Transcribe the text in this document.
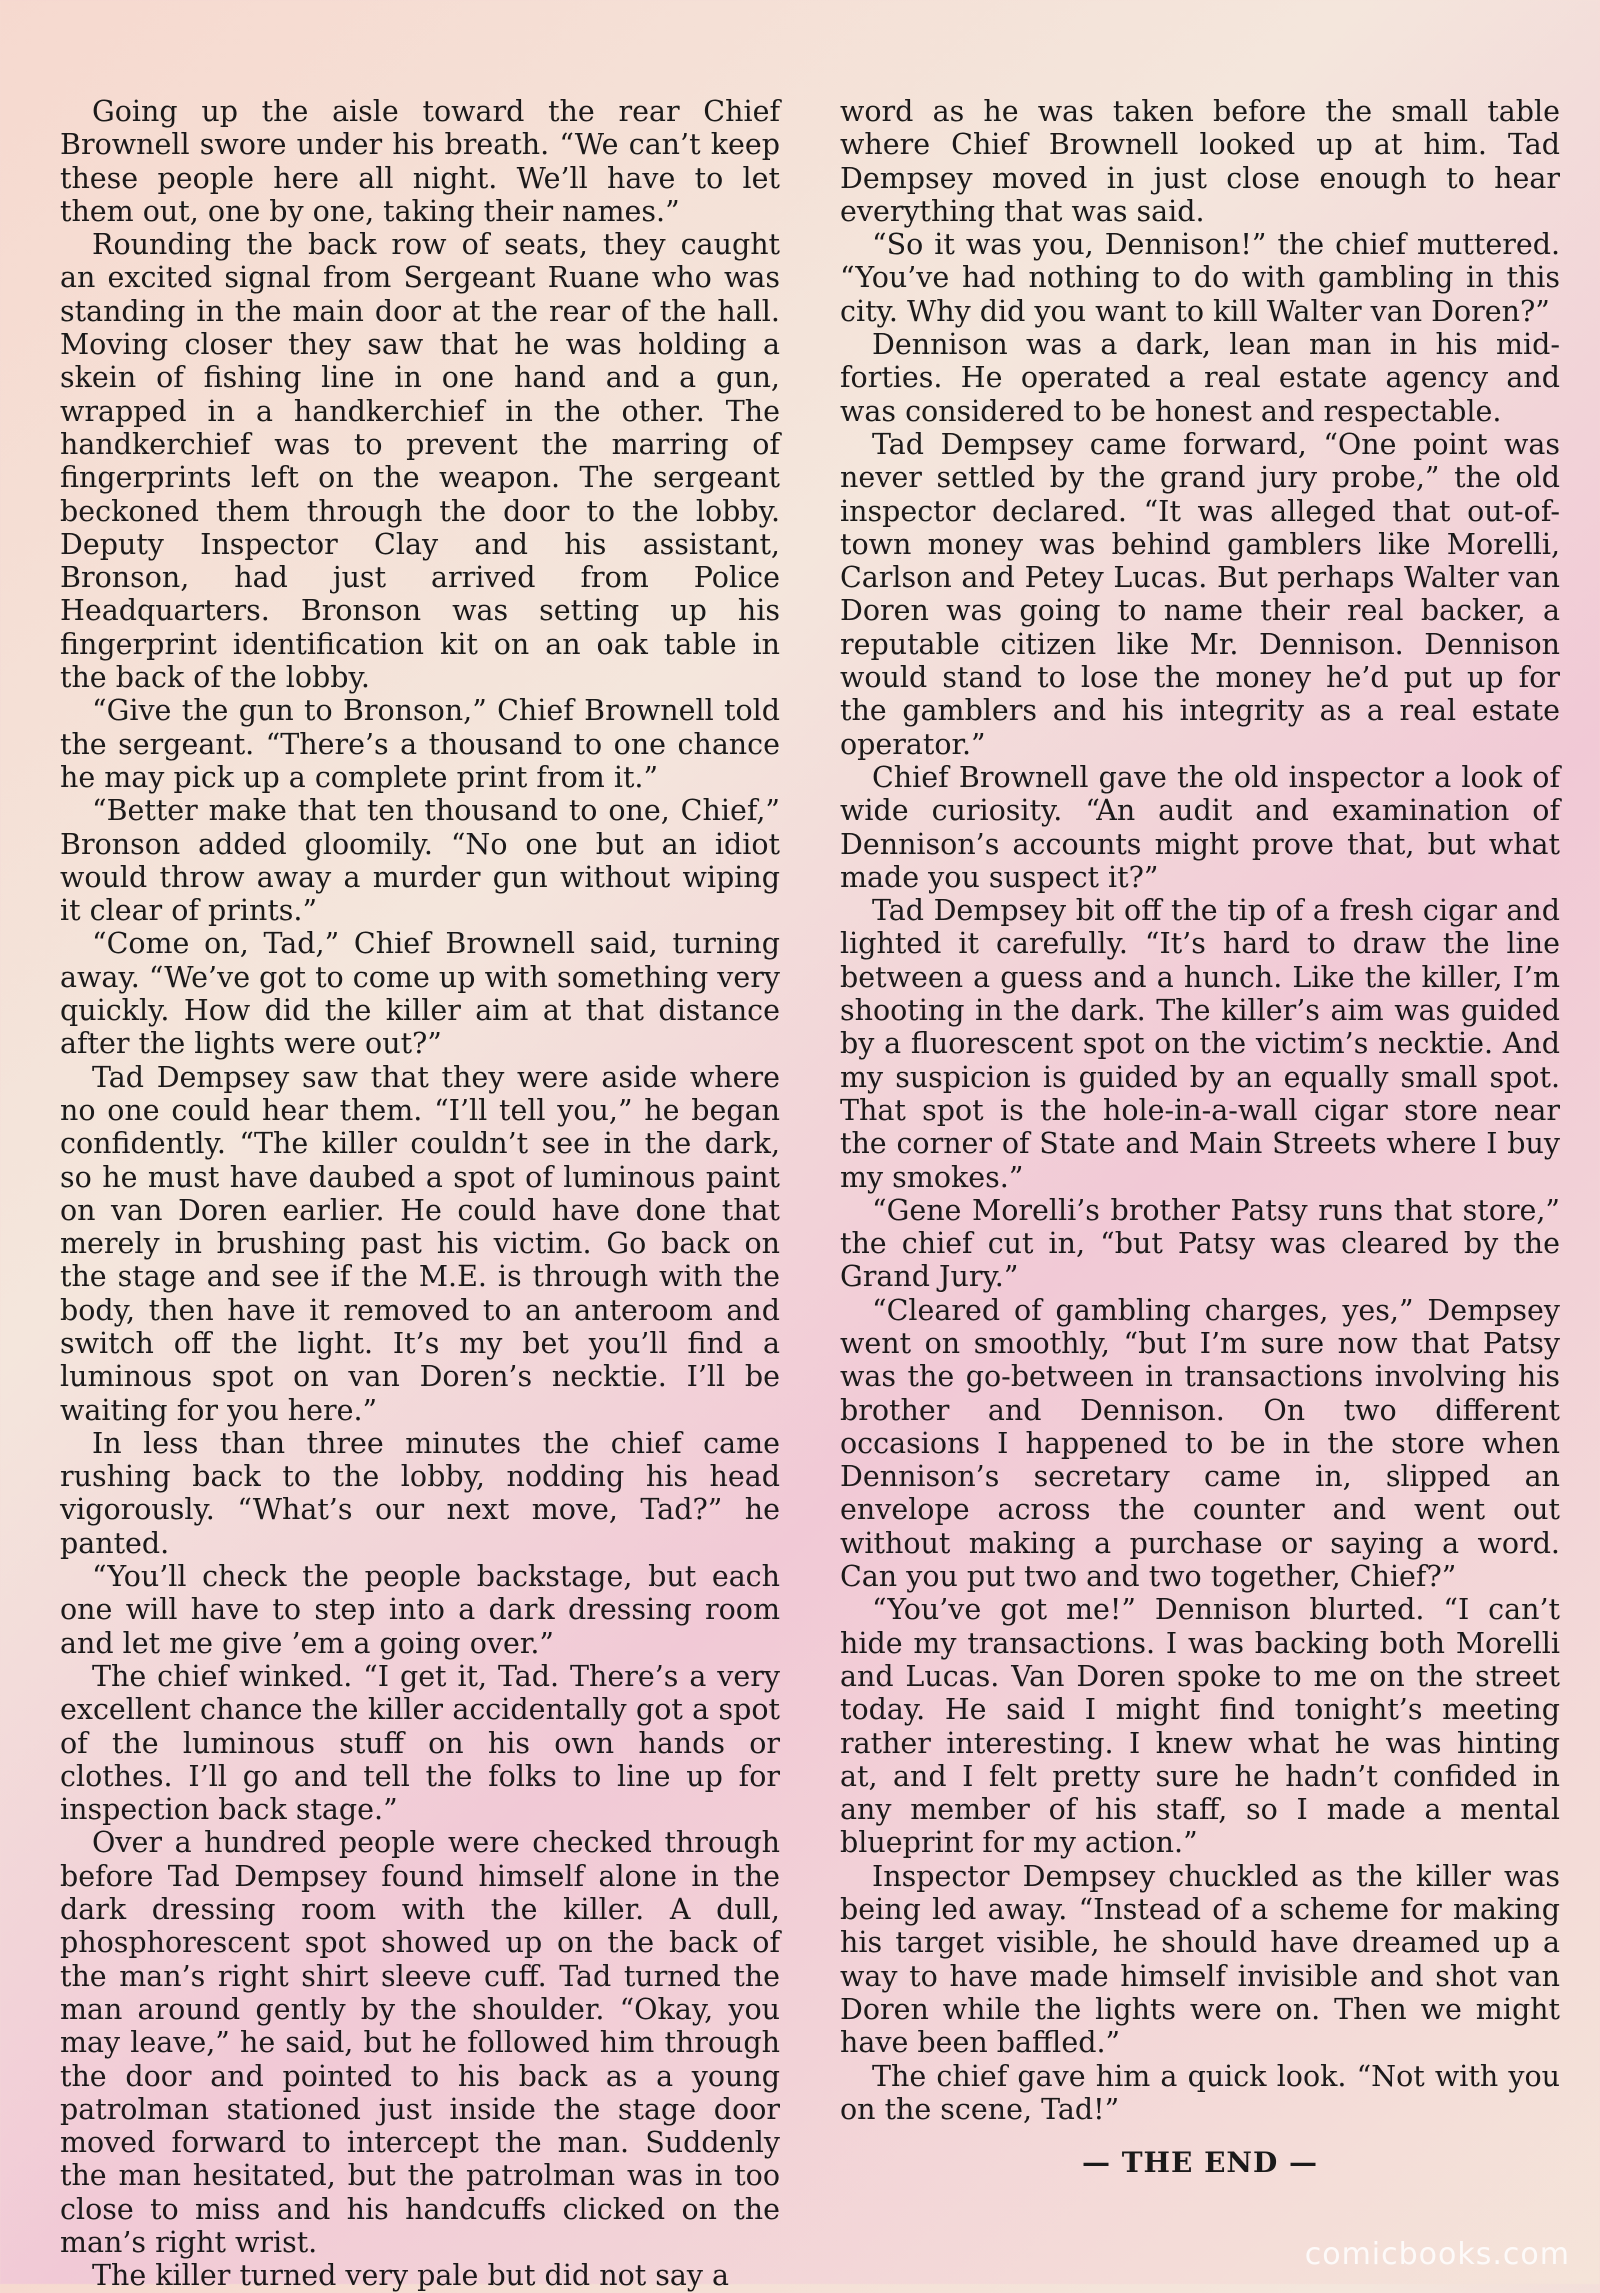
Going up the aisle toward the rear Chief Brownell swore under his breath. “We can’t keep these people here all night. We’ll have to let them out, one by one, taking their names.”

Rounding the back row of seats, they caught an excited signal from Sergeant Ruane who was standing in the main door at the rear of the hall. Moving closer they saw that he was holding a skein of fishing line in one hand and a gun, wrapped in a handkerchief in the other. The handkerchief was to prevent the marring of fingerprints left on the weapon. The sergeant beckoned them through the door to the lobby. Deputy Inspector Clay and his assistant, Bronson, had just arrived from Police Headquarters. Bronson was setting up his fingerprint identification kit on an oak table in the back of the lobby.

“Give the gun to Bronson,” Chief Brownell told the sergeant. “There’s a thousand to one chance he may pick up a complete print from it.”

“Better make that ten thousand to one, Chief,” Bronson added gloomily. “No one but an idiot would throw away a murder gun without wiping it clear of prints.”

“Come on, Tad,” Chief Brownell said, turning away. “We’ve got to come up with something very quickly. How did the killer aim at that distance after the lights were out?”

Tad Dempsey saw that they were aside where no one could hear them. “I’ll tell you,” he began confidently. “The killer couldn’t see in the dark, so he must have daubed a spot of luminous paint on van Doren earlier. He could have done that merely in brushing past his victim. Go back on the stage and see if the M.E. is through with the body, then have it removed to an anteroom and switch off the light. It’s my bet you’ll find a luminous spot on van Doren’s necktie. I’ll be waiting for you here.”

In less than three minutes the chief came rushing back to the lobby, nodding his head vigorously. “What’s our next move, Tad?” he panted.

“You’ll check the people backstage, but each one will have to step into a dark dressing room and let me give ’em a going over.”

The chief winked. “I get it, Tad. There’s a very excellent chance the killer accidentally got a spot of the luminous stuff on his own hands or clothes. I’ll go and tell the folks to line up for inspection back stage.”

Over a hundred people were checked through before Tad Dempsey found himself alone in the dark dressing room with the killer. A dull, phosphorescent spot showed up on the back of the man’s right shirt sleeve cuff. Tad turned the man around gently by the shoulder. “Okay, you may leave,” he said, but he followed him through the door and pointed to his back as a young patrolman stationed just inside the stage door moved forward to intercept the man. Suddenly the man hesitated, but the patrolman was in too close to miss and his handcuffs clicked on the man’s right wrist.

The killer turned very pale but did not say a

word as he was taken before the small table where Chief Brownell looked up at him. Tad Dempsey moved in just close enough to hear everything that was said.

“So it was you, Dennison!” the chief muttered. “You’ve had nothing to do with gambling in this city. Why did you want to kill Walter van Doren?”

Dennison was a dark, lean man in his mid-forties. He operated a real estate agency and was considered to be honest and respectable.

Tad Dempsey came forward, “One point was never settled by the grand jury probe,” the old inspector declared. “It was alleged that out-of-town money was behind gamblers like Morelli, Carlson and Petey Lucas. But perhaps Walter van Doren was going to name their real backer, a reputable citizen like Mr. Dennison. Dennison would stand to lose the money he’d put up for the gamblers and his integrity as a real estate operator.”

Chief Brownell gave the old inspector a look of wide curiosity. “An audit and examination of Dennison’s accounts might prove that, but what made you suspect it?”

Tad Dempsey bit off the tip of a fresh cigar and lighted it carefully. “It’s hard to draw the line between a guess and a hunch. Like the killer, I’m shooting in the dark. The killer’s aim was guided by a fluorescent spot on the victim’s necktie. And my suspicion is guided by an equally small spot. That spot is the hole-in-a-wall cigar store near the corner of State and Main Streets where I buy my smokes.”

“Gene Morelli’s brother Patsy runs that store,” the chief cut in, “but Patsy was cleared by the Grand Jury.”

“Cleared of gambling charges, yes,” Dempsey went on smoothly, “but I’m sure now that Patsy was the go-between in transactions involving his brother and Dennison. On two different occasions I happened to be in the store when Dennison’s secretary came in, slipped an envelope across the counter and went out without making a purchase or saying a word. Can you put two and two together, Chief?”

“You’ve got me!” Dennison blurted. “I can’t hide my transactions. I was backing both Morelli and Lucas. Van Doren spoke to me on the street today. He said I might find tonight’s meeting rather interesting. I knew what he was hinting at, and I felt pretty sure he hadn’t confided in any member of his staff, so I made a mental blueprint for my action.”

Inspector Dempsey chuckled as the killer was being led away. “Instead of a scheme for making his target visible, he should have dreamed up a way to have made himself invisible and shot van Doren while the lights were on. Then we might have been baffled.”

The chief gave him a quick look. “Not with you on the scene, Tad!”

— THE END —
comicbooks.com
